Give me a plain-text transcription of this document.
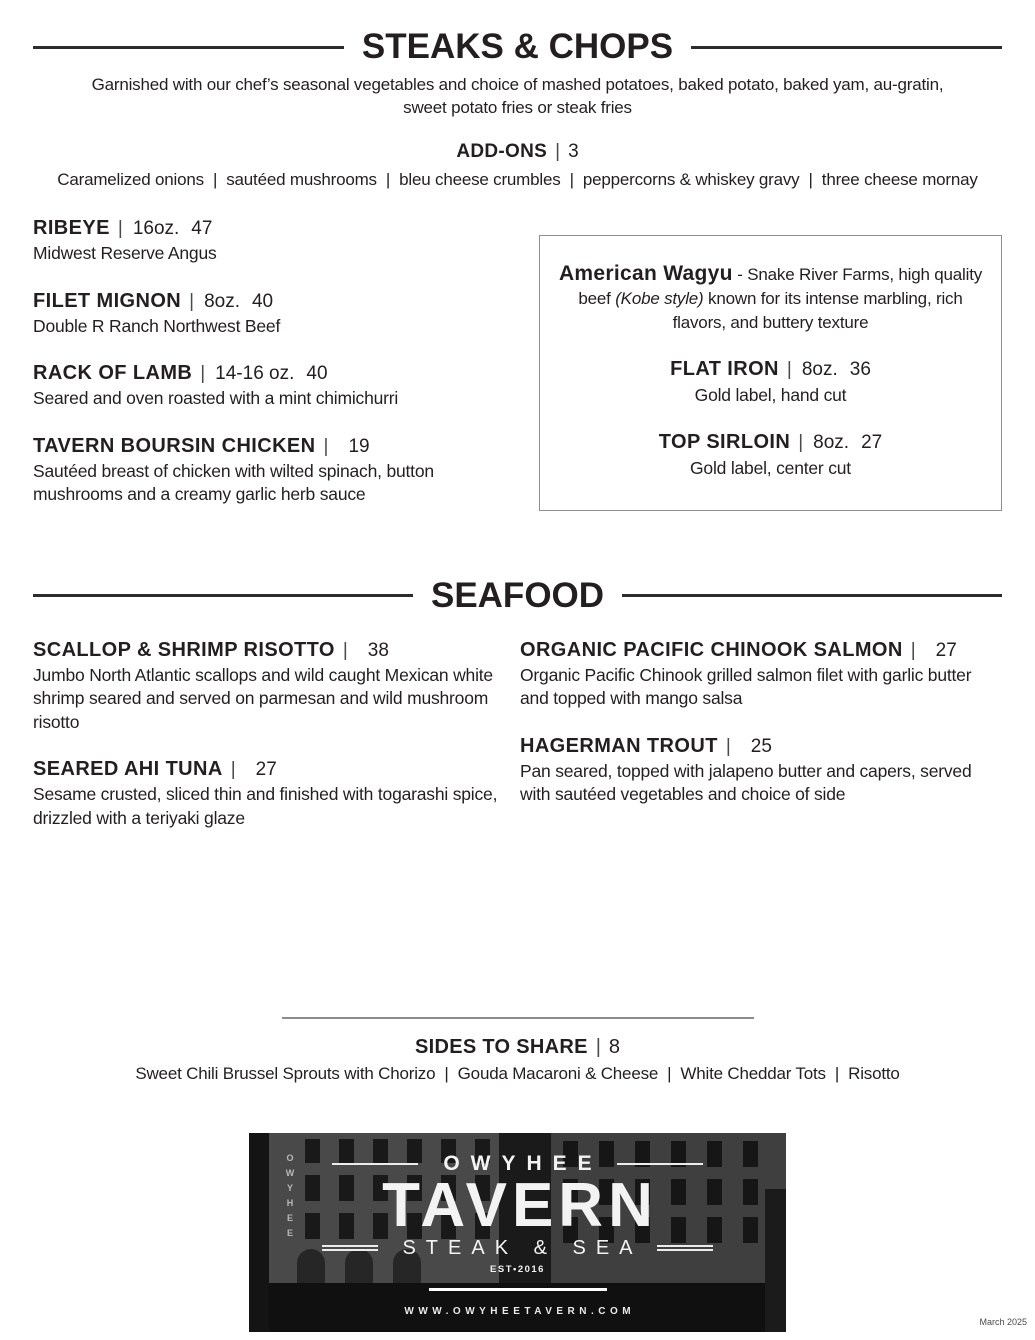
STEAKS & CHOPS
Garnished with our chef’s seasonal vegetables and choice of mashed potatoes, baked potato, baked yam, au-gratin,
sweet potato fries or steak fries
ADD-ONS | 3
Caramelized onions  |  sautéed mushrooms  |  bleu cheese crumbles  |  peppercorns & whiskey gravy  |  three cheese mornay
RIBEYE | 16oz. 47
Midwest Reserve Angus
FILET MIGNON | 8oz. 40
Double R Ranch Northwest Beef
RACK OF LAMB | 14-16 oz. 40
Seared and oven roasted with a mint chimichurri
TAVERN BOURSIN CHICKEN | 19
Sautéed breast of chicken with wilted spinach, button mushrooms and a creamy garlic herb sauce
American Wagyu - Snake River Farms, high quality beef (Kobe style) known for its intense marbling, rich flavors, and buttery texture
FLAT IRON | 8oz. 36
Gold label, hand cut
TOP SIRLOIN | 8oz. 27
Gold label, center cut
SEAFOOD
SCALLOP & SHRIMP RISOTTO | 38
Jumbo North Atlantic scallops and wild caught Mexican white shrimp seared and served on parmesan and wild mushroom risotto
SEARED AHI TUNA | 27
Sesame crusted, sliced thin and finished with togarashi spice, drizzled with a teriyaki glaze
ORGANIC PACIFIC CHINOOK SALMON | 27
Organic Pacific Chinook grilled salmon filet with garlic butter and topped with mango salsa
HAGERMAN TROUT | 25
Pan seared, topped with jalapeno butter and capers, served with sautéed vegetables and choice of side
SIDES TO SHARE | 8
Sweet Chili Brussel Sprouts with Chorizo  |  Gouda Macaroni & Cheese  |  White Cheddar Tots  |  Risotto
OWYHEE	OWYHEE
TAVERN
STEAK & SEA
EST•2016
WWW.OWYHEETAVERN.COM
March 2025
